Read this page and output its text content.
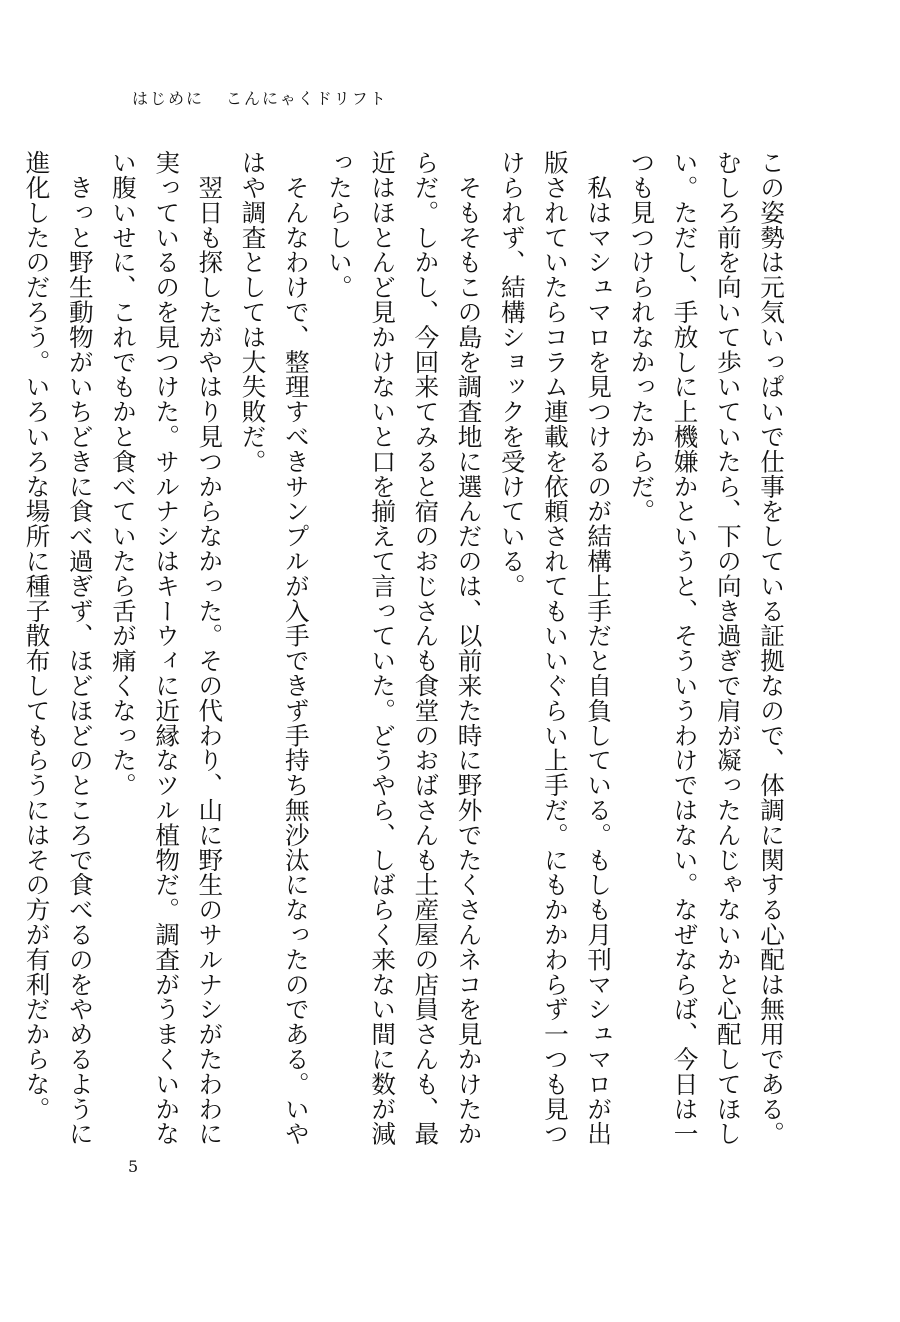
はじめに こんにゃくドリフト

この姿勢は元気いっぱいで仕事をしている証拠なので、体調に関する心配は無用である。むしろ前を向いて歩いていたら、下の向き過ぎで肩が凝ったんじゃないかと心配してほしい。ただし、手放しに上機嫌かというと、そういうわけではない。なぜならば、今日は一つも見つけられなかったからだ。

　私はマシュマロを見つけるのが結構上手だと自負している。もしも月刊マシュマロが出版されていたらコラム連載を依頼されてもいいぐらい上手だ。にもかかわらず一つも見つけられず、結構ショックを受けている。

　そもそもこの島を調査地に選んだのは、以前来た時に野外でたくさんネコを見かけたからだ。しかし、今回来てみると宿のおじさんも食堂のおばさんも土産屋の店員さんも、最近はほとんど見かけないと口を揃えて言っていた。どうやら、しばらく来ない間に数が減ったらしい。

　そんなわけで、整理すべきサンプルが入手できず手持ち無沙汰になったのである。いやはや調査としては大失敗だ。

　翌日も探したがやはり見つからなかった。その代わり、山に野生のサルナシがたわわに実っているのを見つけた。サルナシはキーウィに近縁なツル植物だ。調査がうまくいかない腹いせに、これでもかと食べていたら舌が痛くなった。

　きっと野生動物がいちどきに食べ過ぎず、ほどほどのところで食べるのをやめるように進化したのだろう。いろいろな場所に種子散布してもらうにはその方が有利だからな。

5
